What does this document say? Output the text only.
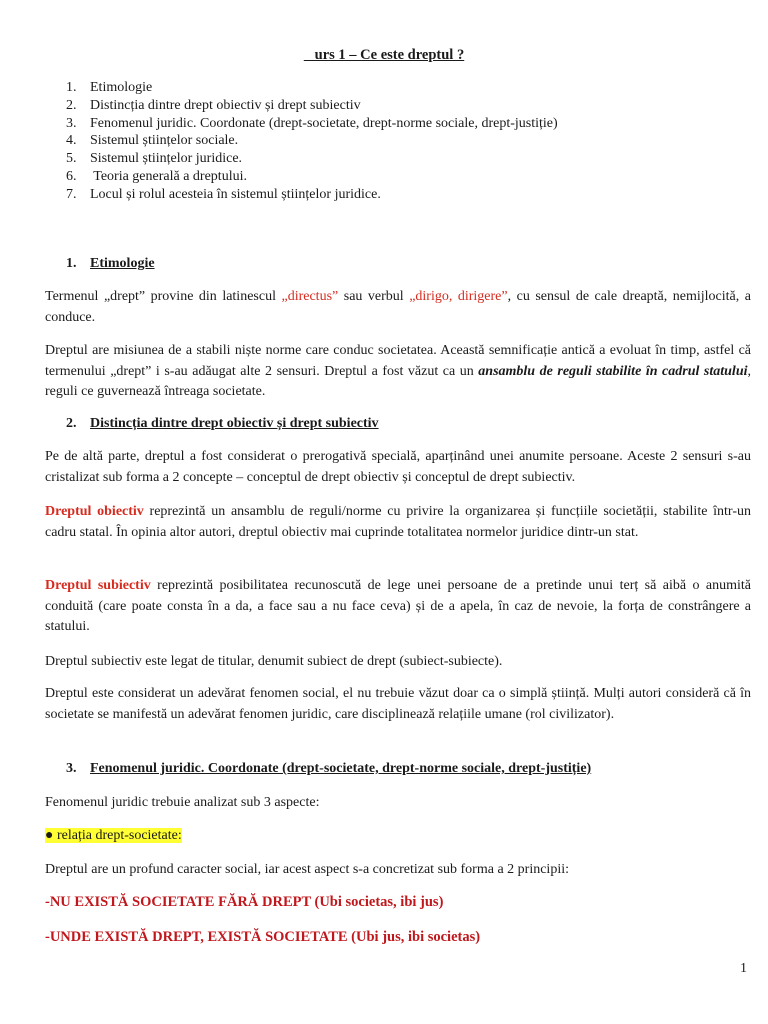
urs 1 – Ce este dreptul ?
1. Etimologie
2. Distincția dintre drept obiectiv și drept subiectiv
3. Fenomenul juridic. Coordonate (drept-societate, drept-norme sociale, drept-justiție)
4. Sistemul științelor sociale.
5. Sistemul științelor juridice.
6. Teoria generală a dreptului.
7. Locul și rolul acesteia în sistemul științelor juridice.
1. Etimologie

Termenul „drept” provine din latinescul „directus” sau verbul „dirigo, dirigere”, cu sensul de cale dreaptă, nemijlocită, a conduce.

Dreptul are misiunea de a stabili niște norme care conduc societatea. Această semnificație antică a evoluat în timp, astfel că termenului „drept” i s-au adăugat alte 2 sensuri. Dreptul a fost văzut ca un ansamblu de reguli stabilite în cadrul statului, reguli ce guvernează întreaga societate.

2. Distincția dintre drept obiectiv și drept subiectiv

Pe de altă parte, dreptul a fost considerat o prerogativă specială, aparținând unei anumite persoane. Aceste 2 sensuri s-au cristalizat sub forma a 2 concepte – conceptul de drept obiectiv și conceptul de drept subiectiv.

Dreptul obiectiv reprezintă un ansamblu de reguli/norme cu privire la organizarea și funcțiile societății, stabilite într-un cadru statal. În opinia altor autori, dreptul obiectiv mai cuprinde totalitatea normelor juridice dintr-un stat.

Dreptul subiectiv reprezintă posibilitatea recunoscută de lege unei persoane de a pretinde unui terț să aibă o anumită conduită (care poate consta în a da, a face sau a nu face ceva) și de a apela, în caz de nevoie, la forța de constrângere a statului.

Dreptul subiectiv este legat de titular, denumit subiect de drept (subiect-subiecte).

Dreptul este considerat un adevărat fenomen social, el nu trebuie văzut doar ca o simplă știință. Mulți autori consideră că în societate se manifestă un adevărat fenomen juridic, care disciplinează relațiile umane (rol civilizator).

3. Fenomenul juridic. Coordonate (drept-societate, drept-norme sociale, drept-justiție)

Fenomenul juridic trebuie analizat sub 3 aspecte:

● relația drept-societate:

Dreptul are un profund caracter social, iar acest aspect s-a concretizat sub forma a 2 principii:

-NU EXISTĂ SOCIETATE FĂRĂ DREPT (Ubi societas, ibi jus)
-UNDE EXISTĂ DREPT, EXISTĂ SOCIETATE (Ubi jus, ibi societas)
1
